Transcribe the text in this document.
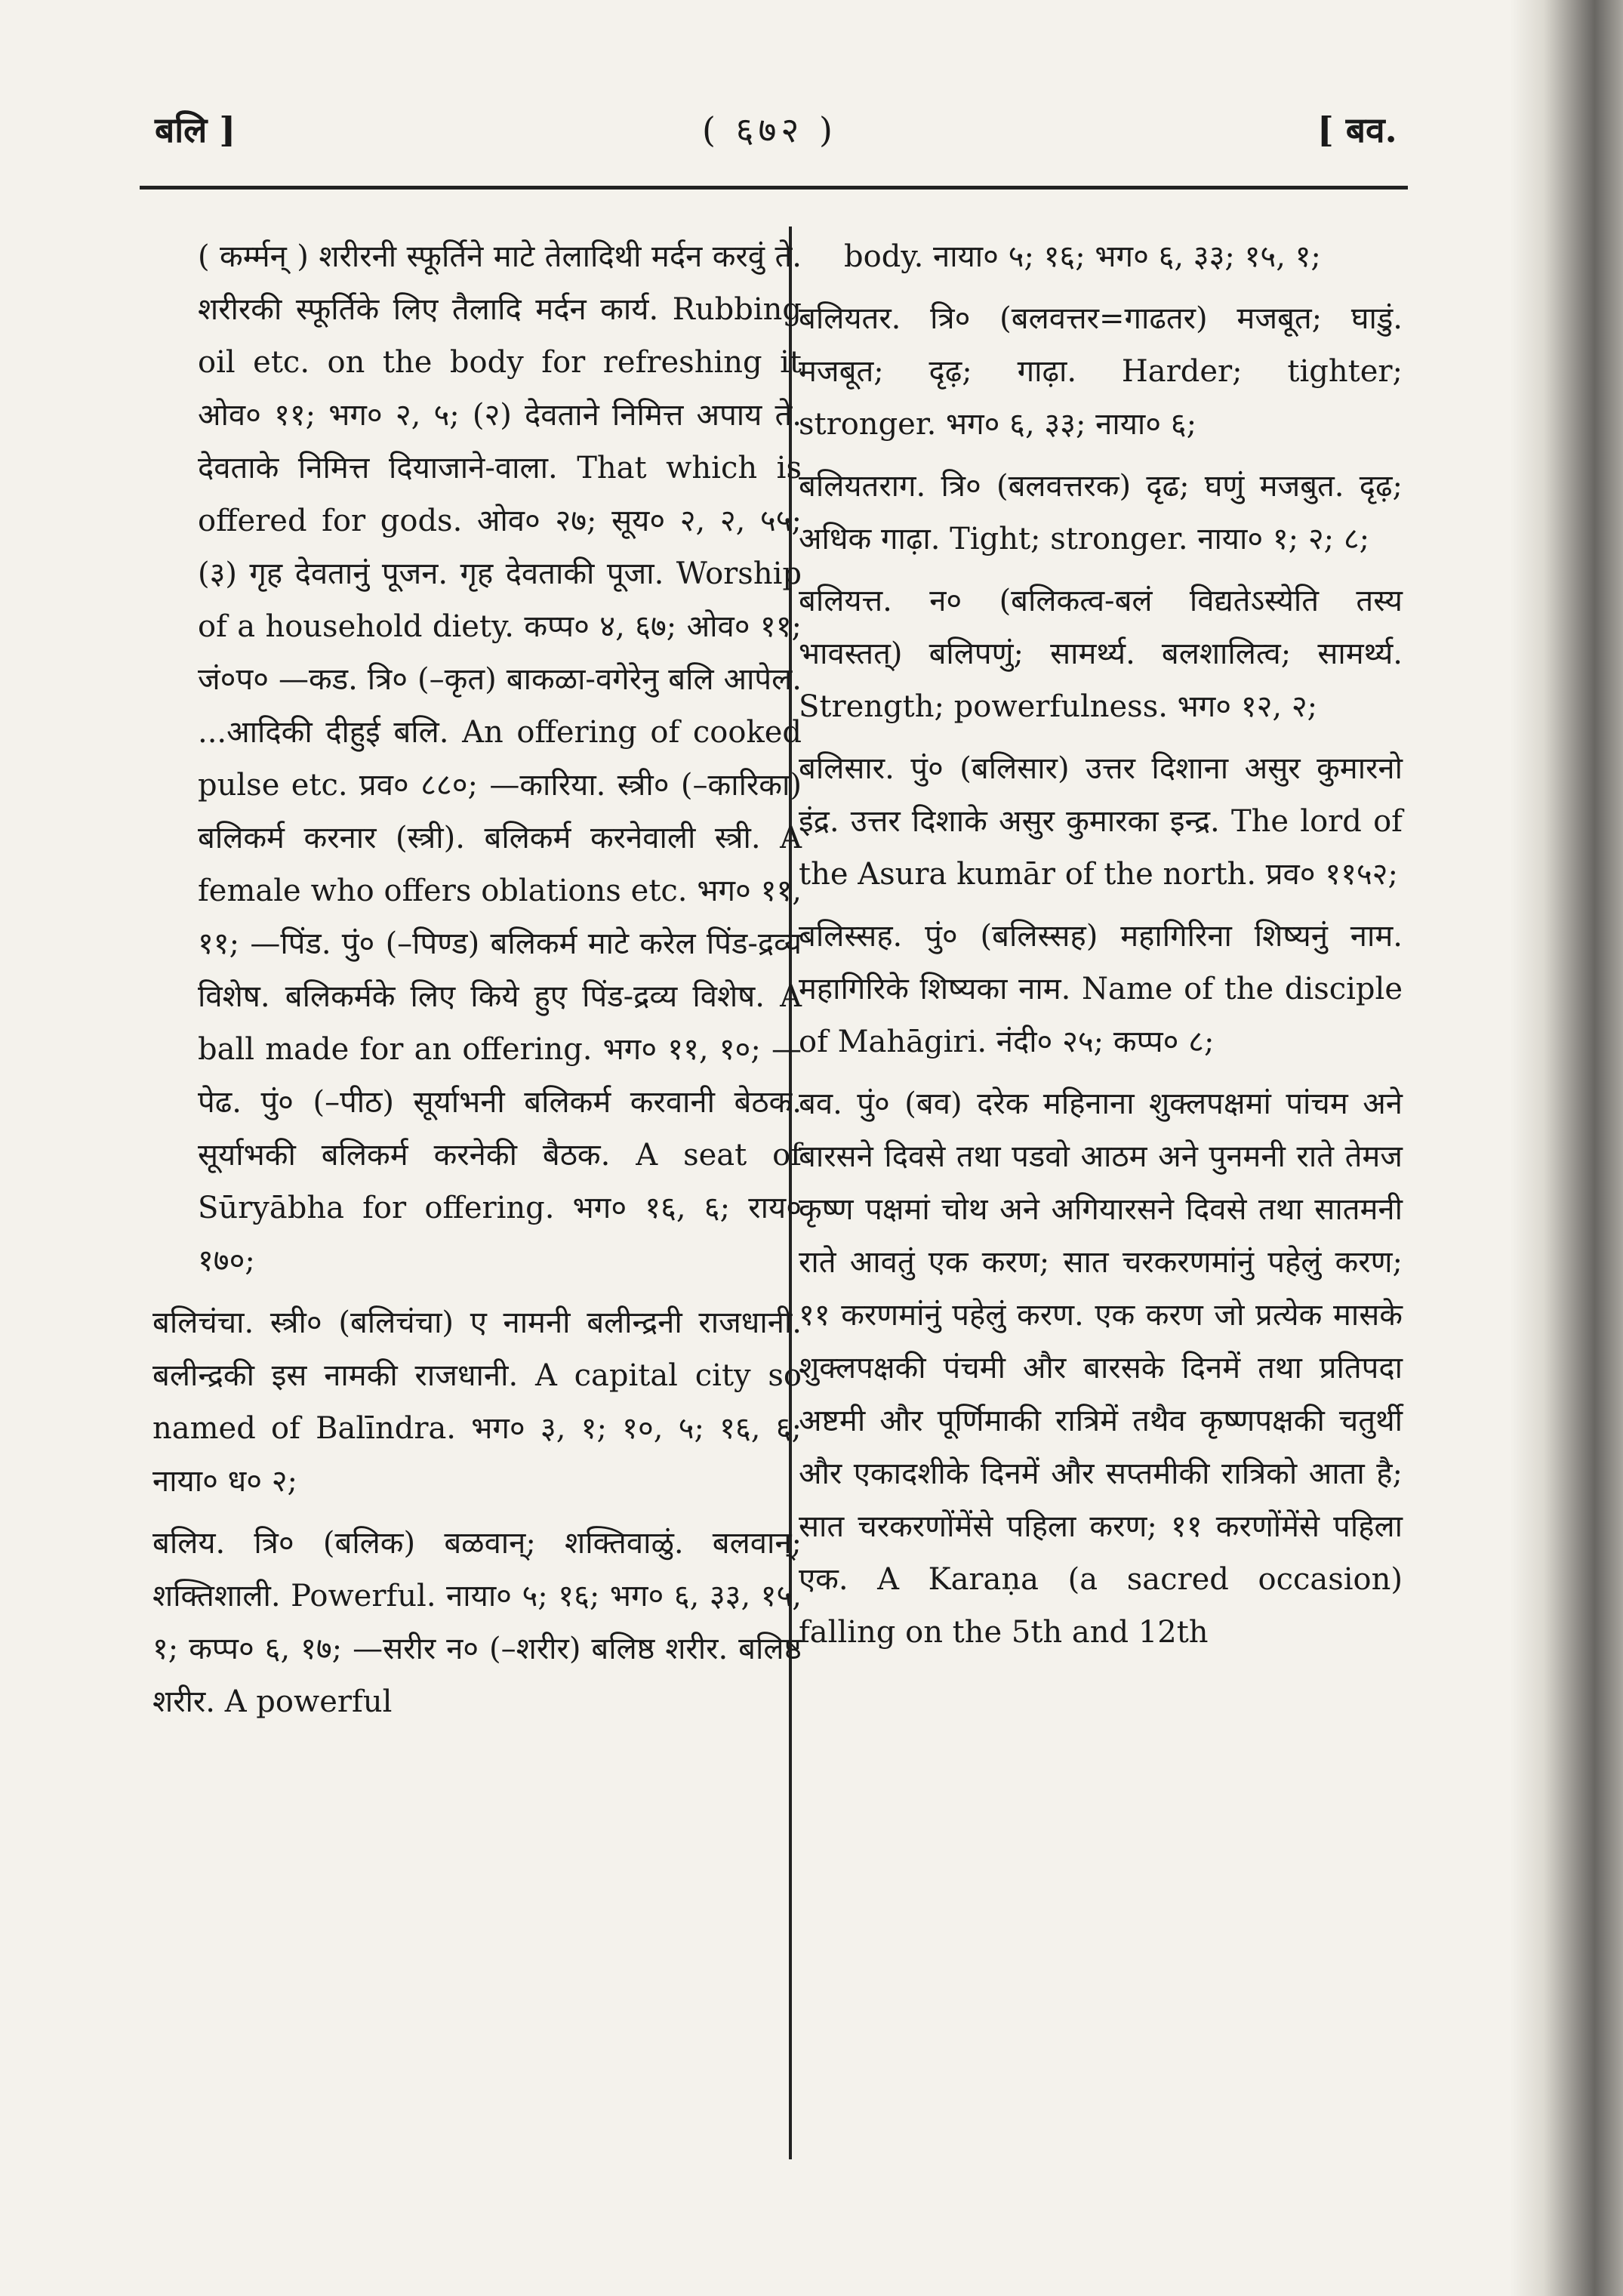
बलि ]	( ६७२ )	[ बव.

( कर्म्मन् ) शरीरनी स्फूर्तिने माटे तेलादिथी मर्दन करवुं ते. शरीरकी स्फूर्तिके लिए तैलादि मर्दन कार्य. Rubbing oil etc. on the body for refreshing it ओव० ११; भग० २, ५; (२) देवताने निमित्त अपाय ते. देवताके निमित्त दियाजाने-वाला. That which is offered for gods. ओव० २७; सूय० २, २, ५५; (३) गृह देवतानुं पूजन. गृह देवताकी पूजा. Worship of a household diety. कप्प० ४, ६७; ओव० ११; जं०प० —कड. त्रि० (–कृत) बाकळा-वगेरेनु बलि आपेल. ...आदिकी दीहुई बलि. An offering of cooked pulse etc. प्रव० ८८०; —कारिया. स्त्री० (–कारिका) बलिकर्म करनार (स्त्री). बलिकर्म करनेवाली स्त्री. A female who offers oblations etc. भग० ११, ११; —पिंड. पुं० (–पिण्ड) बलिकर्म माटे करेल पिंड-द्रव्य विशेष. बलिकर्मके लिए किये हुए पिंड-द्रव्य विशेष. A ball made for an offering. भग० ११, १०; —पेढ. पुं० (–पीठ) सूर्याभनी बलिकर्म करवानी बेठक. सूर्याभकी बलिकर्म करनेकी बैठक. A seat of Sūryābha for offering. भग० १६, ६; राय० १७०;

बलिचंचा. स्त्री० (बलिचंचा) ए नामनी बलीन्द्रनी राजधानी. बलीन्द्रकी इस नामकी राजधानी. A capital city so named of Balīndra. भग० ३, १; १०, ५; १६, ६; नाया० ध० २;

बलिय. त्रि० (बलिक) बळवान्; शक्तिवाळुं. बलवान्; शक्तिशाली. Powerful. नाया० ५; १६; भग० ६, ३३, १५, १; कप्प० ६, १७; —सरीर न० (–शरीर) बलिष्ठ शरीर. बलिष्ठ शरीर. A powerful

body. नाया० ५; १६; भग० ६, ३३; १५, १;

बलियतर. त्रि० (बलवत्तर=गाढतर) मजबूत; घाडुं. मजबूत; दृढ़; गाढ़ा. Harder; tighter; stronger. भग० ६, ३३; नाया० ६;

बलियतराग. त्रि० (बलवत्तरक) दृढ; घणुं मजबुत. दृढ़; अधिक गाढ़ा. Tight; stronger. नाया० १; २; ८;

बलियत्त. न० (बलिकत्व-बलं विद्यतेऽस्येति तस्य भावस्तत्) बलिपणुं; सामर्थ्य. बलशालित्व; सामर्थ्य. Strength; powerfulness. भग० १२, २;

बलिसार. पुं० (बलिसार) उत्तर दिशाना असुर कुमारनो इंद्र. उत्तर दिशाके असुर कुमारका इन्द्र. The lord of the Asura kumār of the north. प्रव० ११५२;

बलिस्सह. पुं० (बलिस्सह) महागिरिना शिष्यनुं नाम. महागिरिके शिष्यका नाम. Name of the disciple of Mahāgiri. नंदी० २५; कप्प० ८;

बव. पुं० (बव) दरेक महिनाना शुक्लपक्षमां पांचम अने बारसने दिवसे तथा पडवो आठम अने पुनमनी राते तेमज कृष्ण पक्षमां चोथ अने अगियारसने दिवसे तथा सातमनी राते आवतुं एक करण; सात चरकरणमांनुं पहेलुं करण; ११ करणमांनुं पहेलुं करण. एक करण जो प्रत्येक मासके शुक्लपक्षकी पंचमी और बारसके दिनमें तथा प्रतिपदा अष्टमी और पूर्णिमाकी रात्रिमें तथैव कृष्णपक्षकी चतुर्थी और एकादशीके दिनमें और सप्तमीकी रात्रिको आता है; सात चरकरणोंमेंसे पहिला करण; ११ करणोंमेंसे पहिला एक. A Karaṇa (a sacred occasion) falling on the 5th and 12th
